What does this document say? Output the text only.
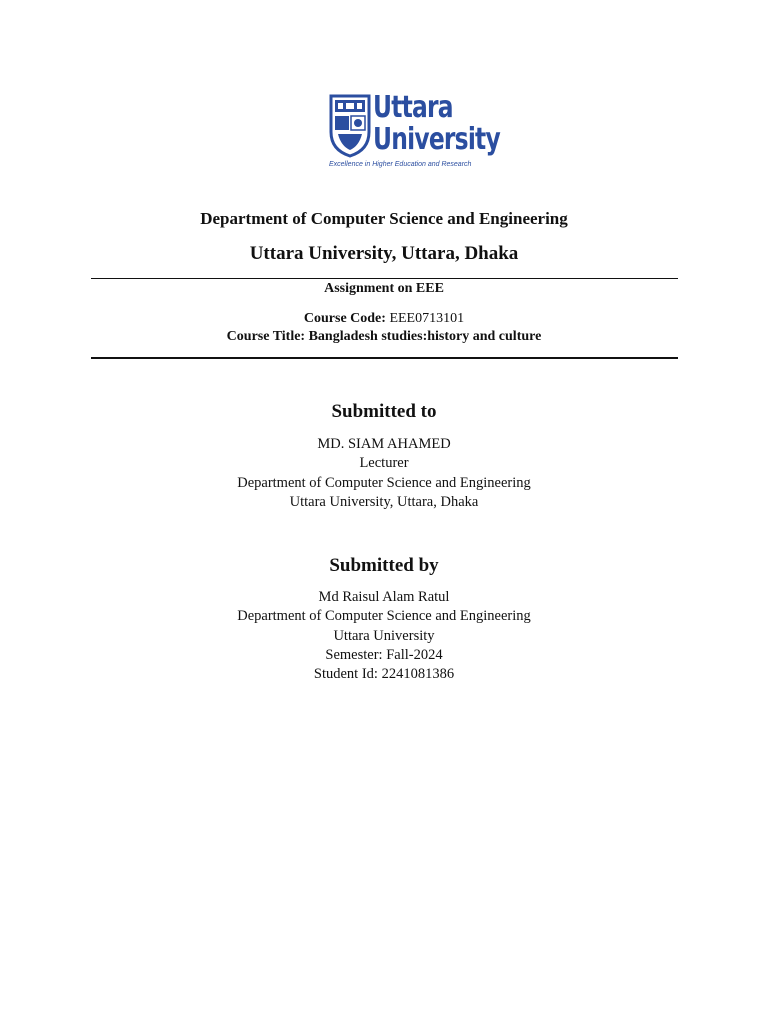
Uttara
University
Excellence in Higher Education and Research
Department of Computer Science and Engineering
Uttara University, Uttara, Dhaka
Assignment on EEE
Course Code: EEE0713101
Course Title: Bangladesh studies:history and culture
Submitted to
MD. SIAM AHAMED
Lecturer
Department of Computer Science and Engineering
Uttara University, Uttara, Dhaka
Submitted by
Md Raisul Alam Ratul
Department of Computer Science and Engineering
Uttara University
Semester: Fall-2024
Student Id: 2241081386
